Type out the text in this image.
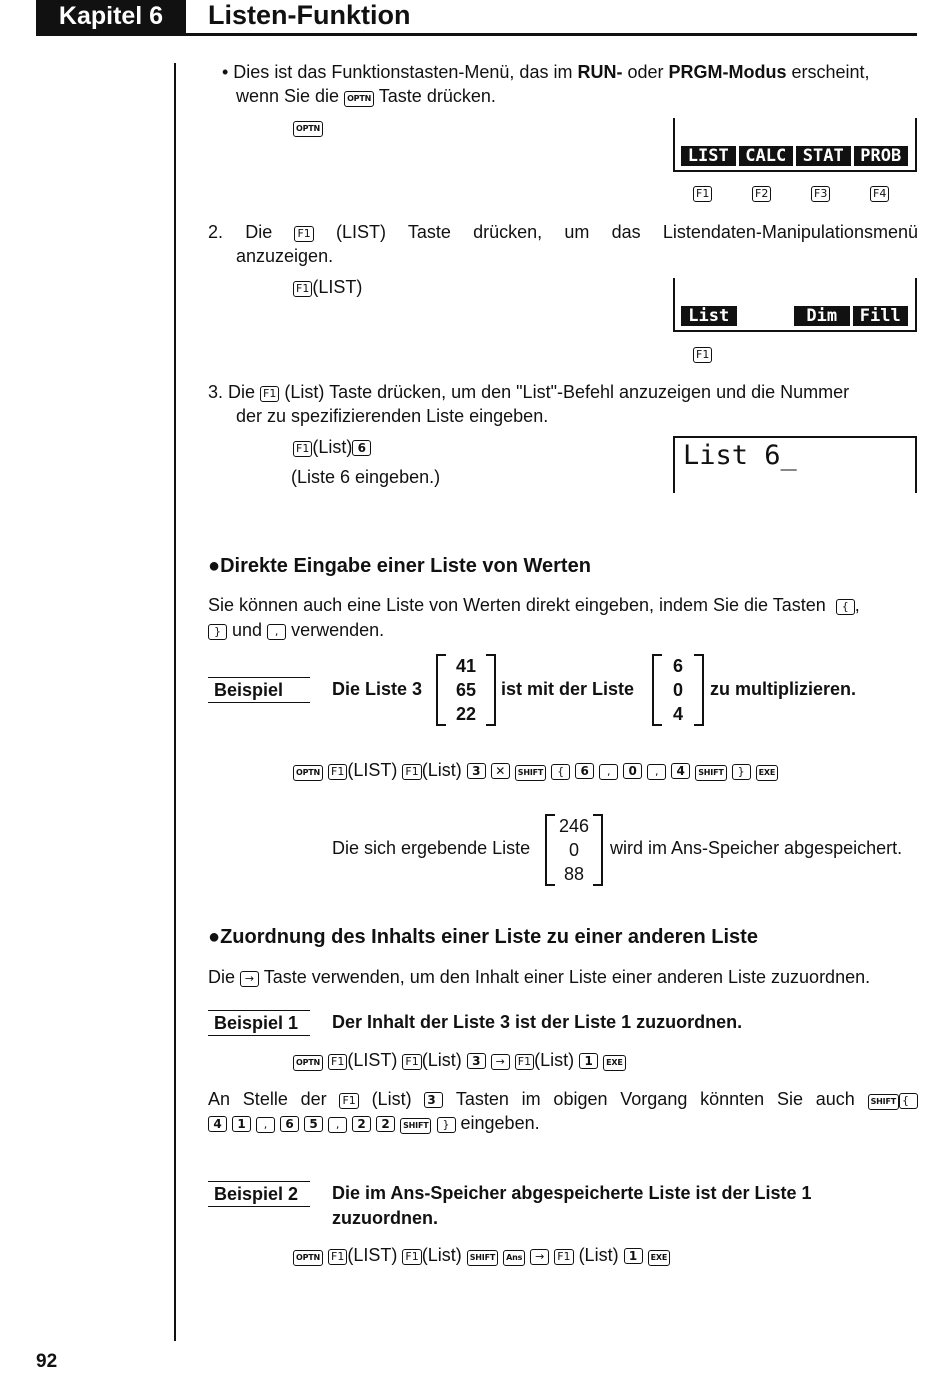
Kapitel 6	Listen-Funktion
• Dies ist das Funktionstasten-Menü, das im RUN- oder PRGM-Modus erscheint,
wenn Sie die OPTN Taste drücken.
OPTN
LIST CALC STAT PROB
F1	F2	F3	F4
2. Die F1 (LIST) Taste drücken, um das Listendaten-Manipulationsmenü
anzuzeigen.
F1 (LIST)
List	Dim	Fill
F1
3. Die F1 (List) Taste drücken, um den "List"-Befehl anzuzeigen und die Nummer
der zu spezifizierenden Liste eingeben.
F1 (List) 6
(Liste 6 eingeben.)
List 6_
●Direkte Eingabe einer Liste von Werten
Sie können auch eine Liste von Werten direkt eingeben, indem Sie die Tasten { ,
} und , verwenden.
Beispiel	Die Liste 3
41
65
22
ist mit der Liste
6
0
4
zu multiplizieren.
OPTN F1 (LIST) F1 (List) 3 ✕ SHIFT { 6 , 0 , 4 SHIFT } EXE
Die sich ergebende Liste
246
0
88
wird im Ans-Speicher abgespeichert.
●Zuordnung des Inhalts einer Liste zu einer anderen Liste
Die → Taste verwenden, um den Inhalt einer Liste einer anderen Liste zuzuordnen.
Beispiel 1	Der Inhalt der Liste 3 ist der Liste 1 zuzuordnen.
OPTN F1 (LIST) F1 (List) 3 → F1 (List) 1 EXE
An Stelle der F1 (List) 3 Tasten im obigen Vorgang könnten Sie auch SHIFT {
4 1 , 6 5 , 2 2 SHIFT } eingeben.
Beispiel 2	Die im Ans-Speicher abgespeicherte Liste ist der Liste 1
zuzuordnen.
OPTN F1 (LIST) F1 (List) SHIFT Ans → F1 (List) 1 EXE
92
